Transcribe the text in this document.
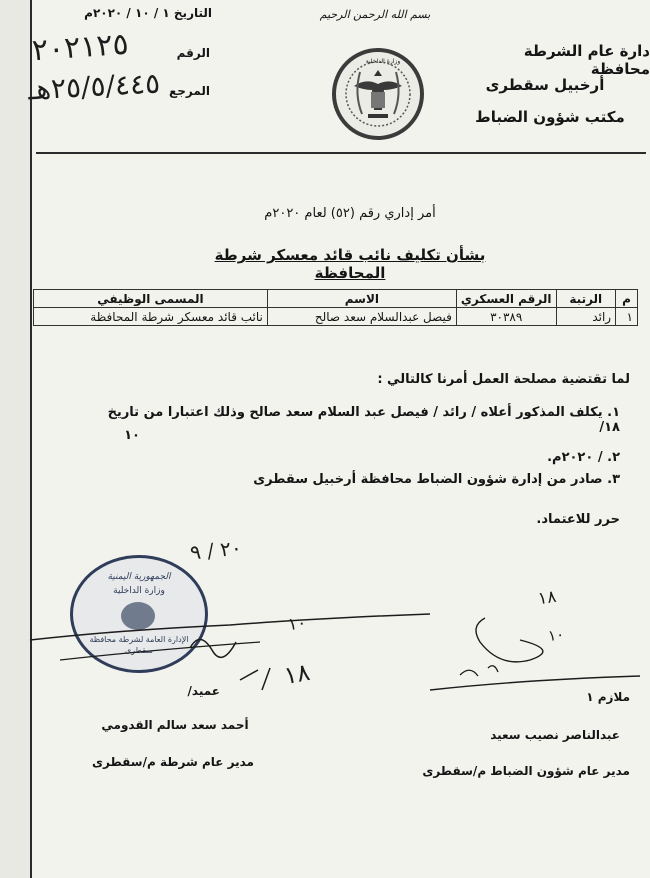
التاريخ ١ / ١٠ / ٢٠٢٠م
الرقم
المرجع
٢٠٢١٢٥
٢٥/٥/٤٤٥هـ
بسم الله الرحمن الرحيم
وزارة الداخلية
دارة عام الشرطة محافظة
أرخبيل سقطرى
مكتب شؤون الضباط
أمر إداري رقم (٥٢) لعام ٢٠٢٠م
بشأن تكليف نائب قائد معسكر شرطة المحافظة
م	الرتبة	الرقم العسكري	الاسم	المسمى الوظيفي
١	رائد	٣٠٣٨٩	فيصل عبدالسلام سعد صالح	نائب قائد معسكر شرطة المحافظة
لما تقتضية مصلحة العمل أمرنا كالتالي :
١. يكلف المذكور أعلاه / رائد / فيصل عبد السلام سعد صالح وذلك اعتبارا من تاريخ ١٨/
١٠
٢. / ٢٠٢٠م.
٣. صادر من إدارة شؤون الضباط محافظة أرخبيل سقطرى
حرر للاعتماد.
الجمهورية اليمنية
وزارة الداخلية
الإدارة العامة لشرطة محافظة سقطرى
٢٠ / ٩
١٠
١٨
١٨
١٠
عميد/
أحمد سعد سالم القدومي
مدير عام شرطة م/سقطرى
ملازم ١
عبدالناصر نصيب سعيد
مدير عام شؤون الضباط م/سقطرى
